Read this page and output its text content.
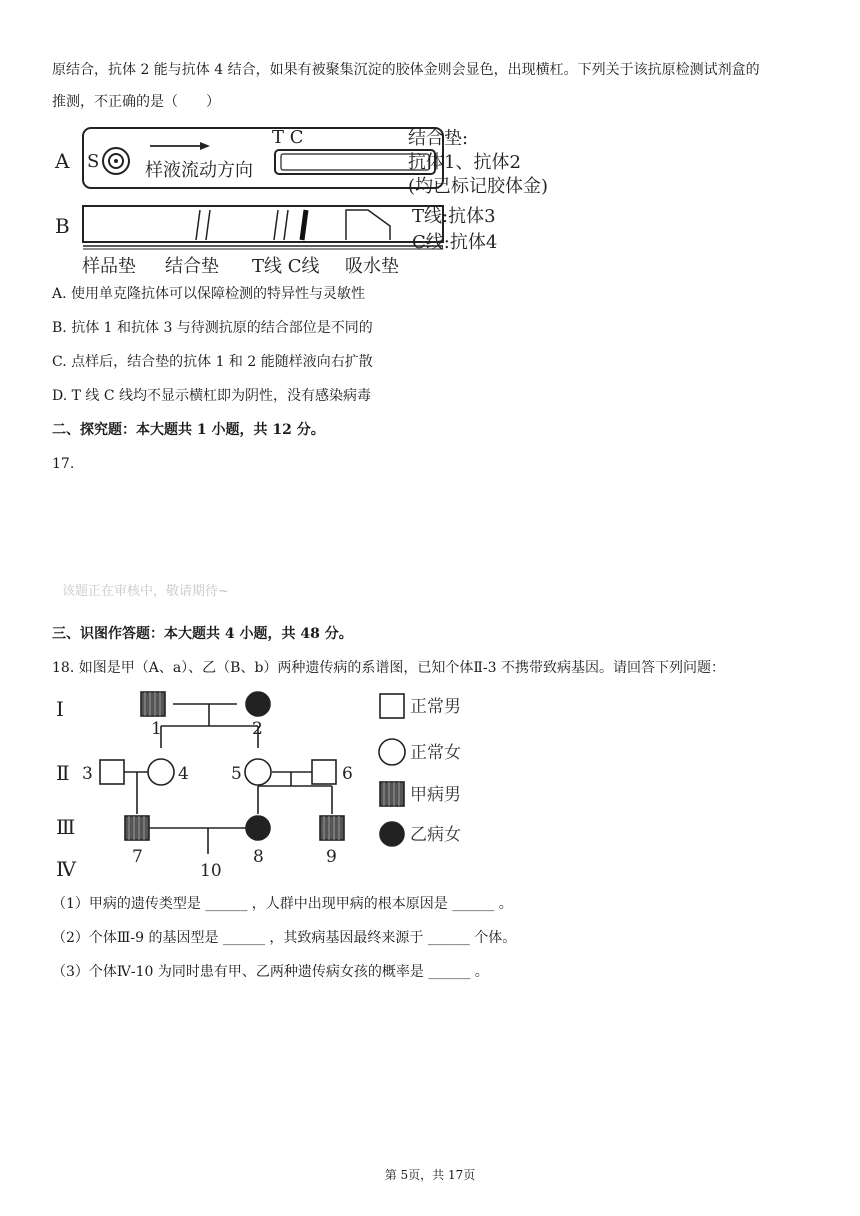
原结合，抗体 2 能与抗体 4 结合，如果有被聚集沉淀的胶体金则会显色，出现横杠。下列关于该抗原检测试剂盒的
推测，不正确的是（　　）
A
B
S	样液流动方向
T C	结合垫:
抗体1、抗体2
(均已标记胶体金)
T线:抗体3
C线:抗体4
样品垫 结合垫 T线 C线 吸水垫
A. 使用单克隆抗体可以保障检测的特异性与灵敏性
B. 抗体 1 和抗体 3 与待测抗原的结合部位是不同的
C. 点样后，结合垫的抗体 1 和 2 能随样液向右扩散
D. T 线 C 线均不显示横杠即为阴性，没有感染病毒
二、探究题：本大题共 1 小题，共 12 分。
17.
该题正在审核中，敬请期待~
三、识图作答题：本大题共 4 小题，共 48 分。
18. 如图是甲（A、a）、乙（B、b）两种遗传病的系谱图，已知个体Ⅱ-3 不携带致病基因。请回答下列问题：
Ⅰ
Ⅱ
Ⅲ
Ⅳ
1	2
3	4 5	6
7	8	9
10
正常男
正常女
甲病男
乙病女
（1）甲病的遗传类型是 ______ ，人群中出现甲病的根本原因是 ______ 。
（2）个体Ⅲ-9 的基因型是 ______ ，其致病基因最终来源于 ______ 个体。
（3）个体Ⅳ-10 为同时患有甲、乙两种遗传病女孩的概率是 ______ 。
第 5页，共 17页
